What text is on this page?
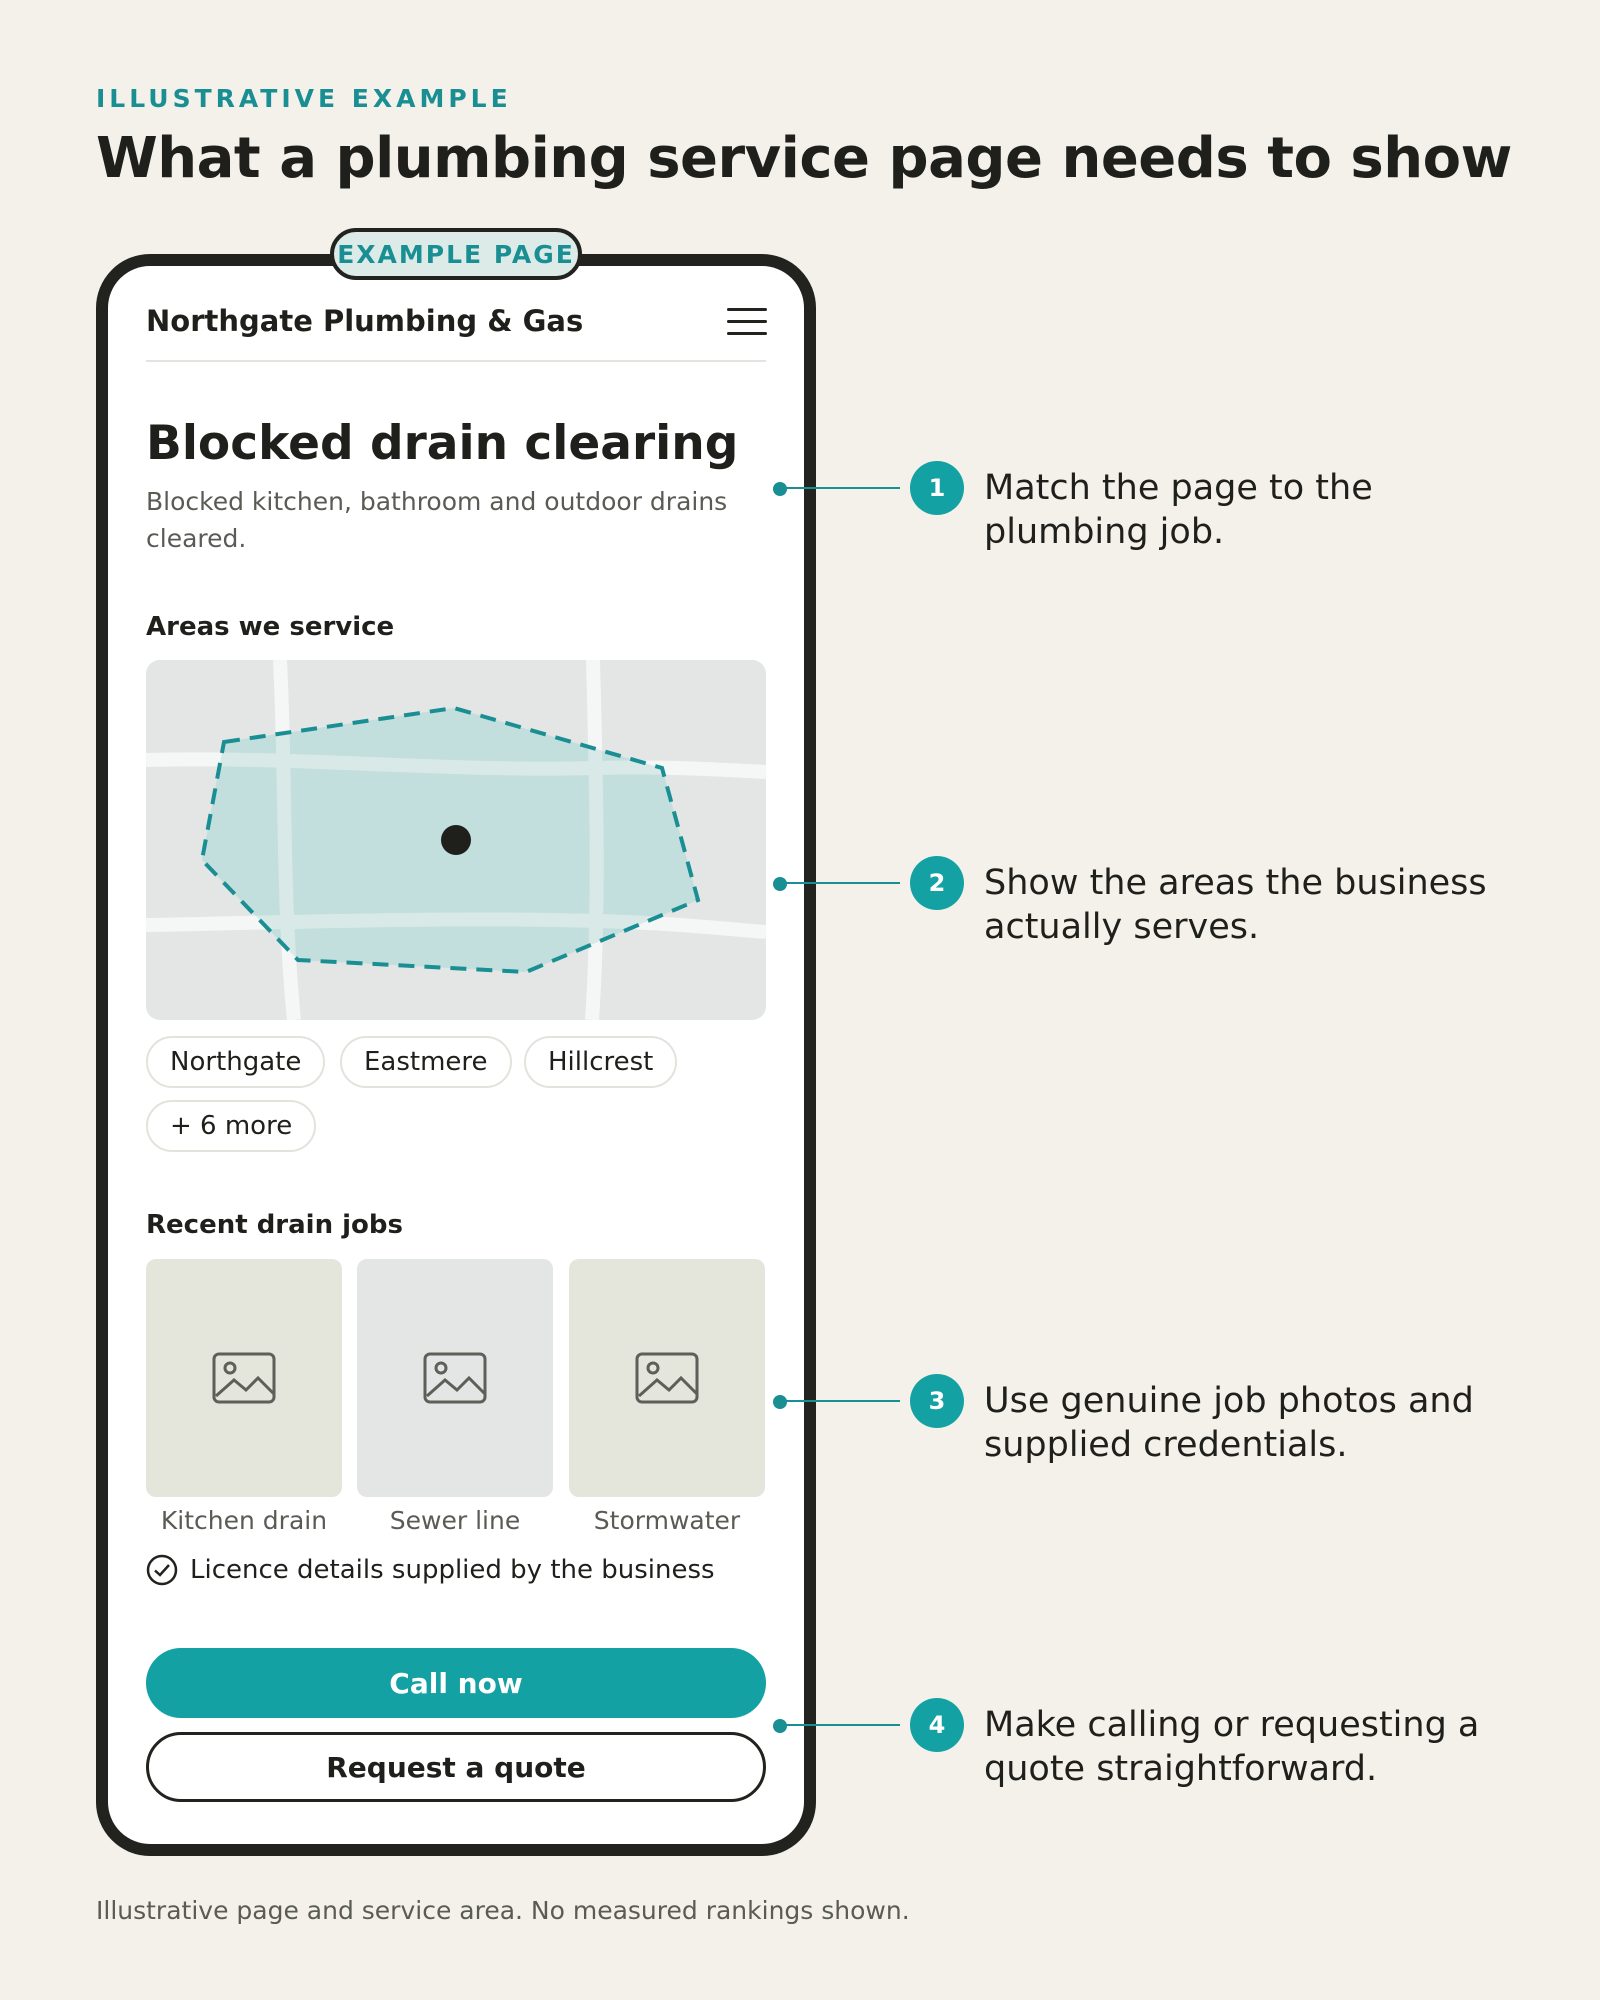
ILLUSTRATIVE EXAMPLE
What a plumbing service page needs to show
EXAMPLE PAGE
Northgate Plumbing & Gas
Blocked drain clearing

Blocked kitchen, bathroom and outdoor drains cleared.

Areas we service
Northgate	Eastmere	Hillcrest
+ 6 more
Recent drain jobs
Kitchen drain	Sewer line	Stormwater
Licence details supplied by the business
Call now
Request a quote
1	Match the page to the plumbing job.
2	Show the areas the business actually serves.
3	Use genuine job photos and supplied credentials.
4	Make calling or requesting a quote straightforward.

Illustrative page and service area. No measured rankings shown.
